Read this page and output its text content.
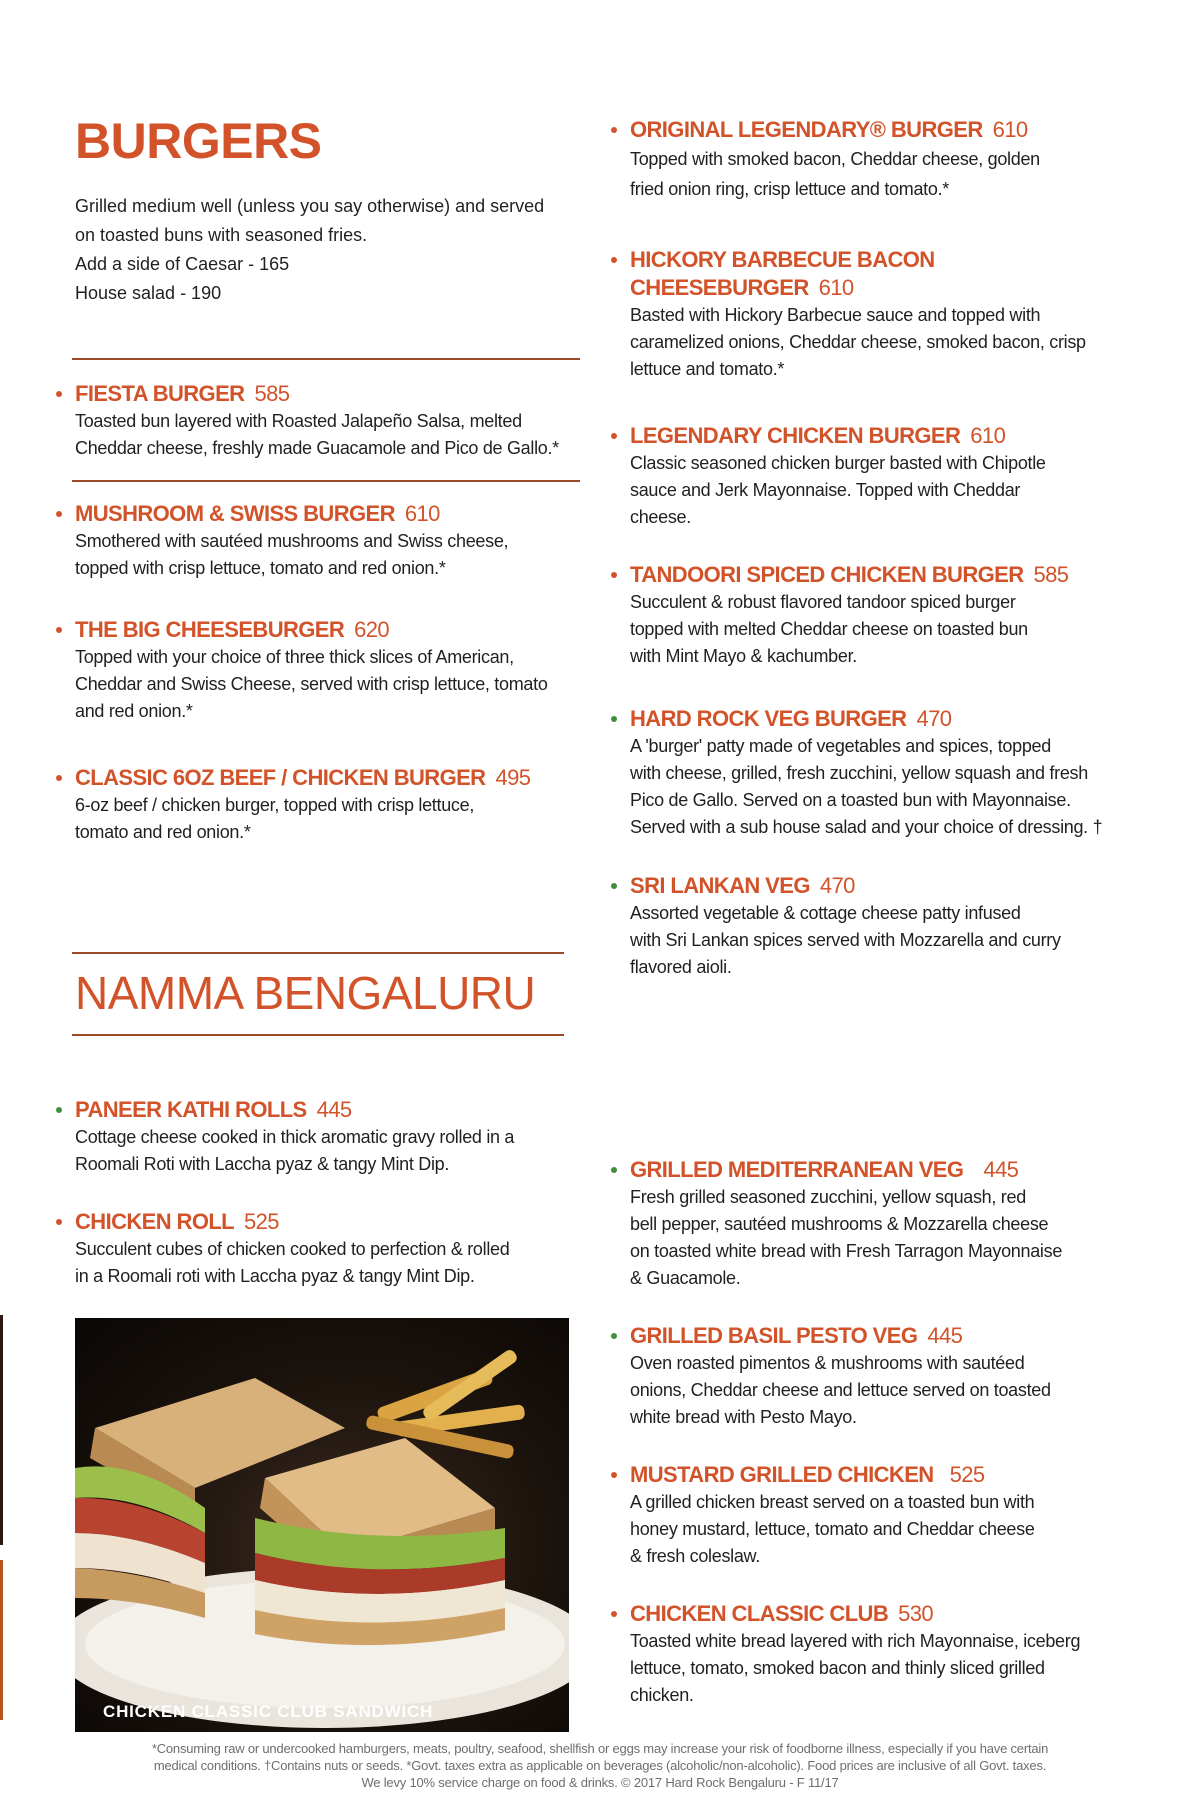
BURGERS

Grilled medium well (unless you say otherwise) and served

on toasted buns with seasoned fries.

Add a side of Caesar - 165

House salad - 190

FIESTA BURGER 585

Toasted bun layered with Roasted Jalapeño Salsa, melted

Cheddar cheese, freshly made Guacamole and Pico de Gallo.*

MUSHROOM & SWISS BURGER 610

Smothered with sautéed mushrooms and Swiss cheese,

topped with crisp lettuce, tomato and red onion.*

THE BIG CHEESEBURGER 620

Topped with your choice of three thick slices of American,

Cheddar and Swiss Cheese, served with crisp lettuce, tomato

and red onion.*

CLASSIC 6OZ BEEF / CHICKEN BURGER 495

6-oz beef / chicken burger, topped with crisp lettuce,

tomato and red onion.*

NAMMA BENGALURU
PANEER KATHI ROLLS 445

Cottage cheese cooked in thick aromatic gravy rolled in a

Roomali Roti with Laccha pyaz & tangy Mint Dip.

CHICKEN ROLL 525

Succulent cubes of chicken cooked to perfection & rolled

in a Roomali roti with Laccha pyaz & tangy Mint Dip.

CHICKEN CLASSIC CLUB SANDWICH
ORIGINAL LEGENDARY® BURGER 610

Topped with smoked bacon, Cheddar cheese, golden

fried onion ring, crisp lettuce and tomato.*

HICKORY BARBECUE BACON
CHEESEBURGER 610

Basted with Hickory Barbecue sauce and topped with

caramelized onions, Cheddar cheese, smoked bacon, crisp

lettuce and tomato.*

LEGENDARY CHICKEN BURGER 610

Classic seasoned chicken burger basted with Chipotle

sauce and Jerk Mayonnaise. Topped with Cheddar

cheese.

TANDOORI SPICED CHICKEN BURGER 585

Succulent & robust flavored tandoor spiced burger

topped with melted Cheddar cheese on toasted bun

with Mint Mayo & kachumber.

HARD ROCK VEG BURGER 470

A 'burger' patty made of vegetables and spices, topped

with cheese, grilled, fresh zucchini, yellow squash and fresh

Pico de Gallo. Served on a toasted bun with Mayonnaise.

Served with a sub house salad and your choice of dressing. †

SRI LANKAN VEG 470

Assorted vegetable & cottage cheese patty infused

with Sri Lankan spices served with Mozzarella and curry

flavored aioli.

GRILLED MEDITERRANEAN VEG 445

Fresh grilled seasoned zucchini, yellow squash, red

bell pepper, sautéed mushrooms & Mozzarella cheese

on toasted white bread with Fresh Tarragon Mayonnaise

& Guacamole.

GRILLED BASIL PESTO VEG 445

Oven roasted pimentos & mushrooms with sautéed

onions, Cheddar cheese and lettuce served on toasted

white bread with Pesto Mayo.

MUSTARD GRILLED CHICKEN 525

A grilled chicken breast served on a toasted bun with

honey mustard, lettuce, tomato and Cheddar cheese

& fresh coleslaw.

CHICKEN CLASSIC CLUB 530

Toasted white bread layered with rich Mayonnaise, iceberg

lettuce, tomato, smoked bacon and thinly sliced grilled

chicken.

*Consuming raw or undercooked hamburgers, meats, poultry, seafood, shellfish or eggs may increase your risk of foodborne illness, especially if you have certain
medical conditions. †Contains nuts or seeds. *Govt. taxes extra as applicable on beverages (alcoholic/non-alcoholic). Food prices are inclusive of all Govt. taxes.
We levy 10% service charge on food & drinks. © 2017 Hard Rock Bengaluru - F 11/17
